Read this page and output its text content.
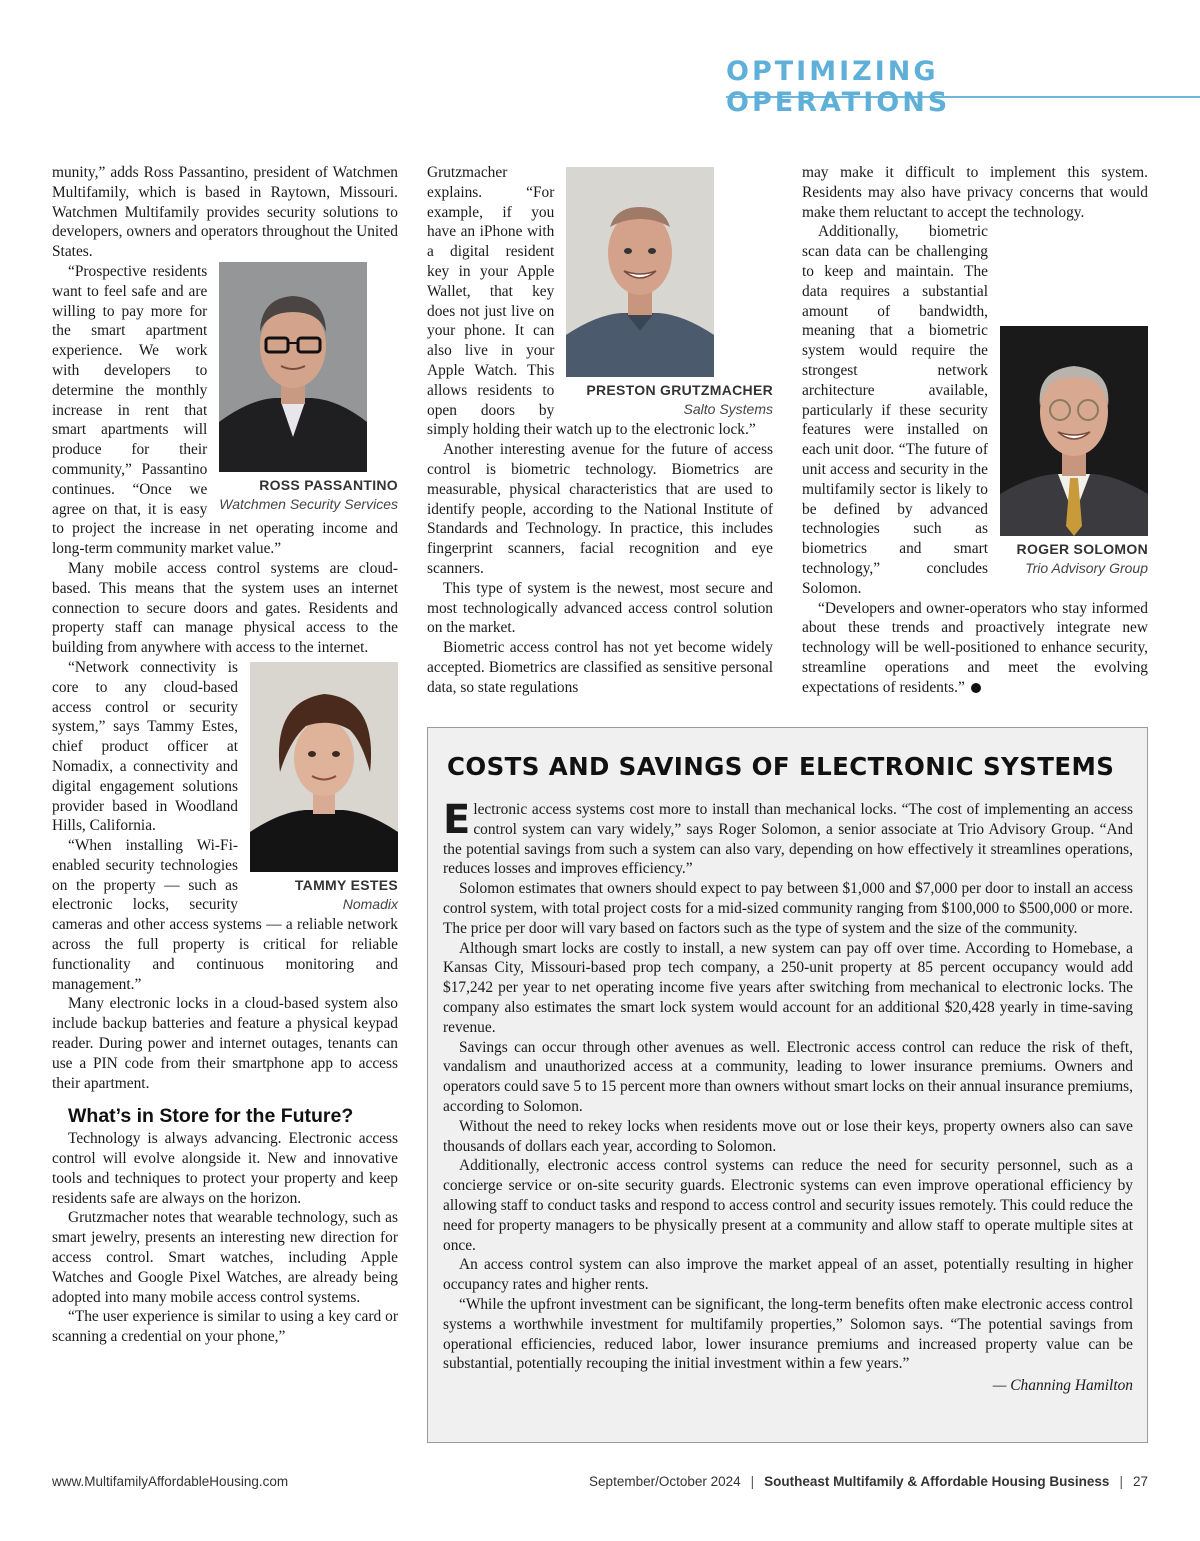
OPTIMIZING OPERATIONS

munity,” adds Ross Passantino, president of Watchmen Multifamily, which is based in Raytown, Missouri. Watchmen Multifamily provides security solutions to developers, owners and operators throughout the United States.

ROSS PASSANTINO
Watchmen Security Services

“Prospective residents want to feel safe and are willing to pay more for the smart apartment experience. We work with developers to determine the monthly increase in rent that smart apartments will produce for their community,” Passantino continues. “Once we agree on that, it is easy to project the increase in net operating income and long-term community market value.”

Many mobile access control systems are cloud-based. This means that the system uses an internet connection to secure doors and gates. Residents and property staff can manage physical access to the building from anywhere with access to the internet.

TAMMY ESTES
Nomadix

“Network connectivity is core to any cloud-based access control or security system,” says Tammy Estes, chief product officer at Nomadix, a connectivity and digital engagement solutions provider based in Woodland Hills, California.

“When installing Wi-Fi-enabled security technologies on the property — such as electronic locks, security cameras and other access systems — a reliable network across the full property is critical for reliable functionality and continuous monitoring and management.”

Many electronic locks in a cloud-based system also include backup batteries and feature a physical keypad reader. During power and internet outages, tenants can use a PIN code from their smartphone app to access their apartment.

What’s in Store for the Future?

Technology is always advancing. Electronic access control will evolve alongside it. New and innovative tools and techniques to protect your property and keep residents safe are always on the horizon.

Grutzmacher notes that wearable technology, such as smart jewelry, presents an interesting new direction for access control. Smart watches, including Apple Watches and Google Pixel Watches, are already being adopted into many mobile access control systems.

“The user experience is similar to using a key card or scanning a credential on your phone,”

PRESTON GRUTZMACHER
Salto Systems

Grutzmacher explains. “For example, if you have an iPhone with a digital resident key in your Apple Wallet, that key does not just live on your phone. It can also live in your Apple Watch. This allows residents to open doors by simply holding their watch up to the electronic lock.”

Another interesting avenue for the future of access control is biometric technology. Biometrics are measurable, physical characteristics that are used to identify people, according to the National Institute of Standards and Technology. In practice, this includes fingerprint scanners, facial recognition and eye scanners.

This type of system is the newest, most secure and most technologically advanced access control solution on the market.

Biometric access control has not yet become widely accepted. Biometrics are classified as sensitive personal data, so state regulations

may make it difficult to implement this system. Residents may also have privacy concerns that would make them reluctant to accept the technology.

ROGER SOLOMON
Trio Advisory Group

Additionally, biometric scan data can be challenging to keep and maintain. The data requires a substantial amount of bandwidth, meaning that a biometric system would require the strongest network architecture available, particularly if these security features were installed on each unit door. “The future of unit access and security in the multifamily sector is likely to be defined by advanced technologies such as biometrics and smart technology,” concludes Solomon.

“Developers and owner-operators who stay informed about these trends and proactively integrate new technology will be well-positioned to enhance security, streamline operations and meet the evolving expectations of residents.”

COSTS AND SAVINGS OF ELECTRONIC SYSTEMS

Electronic access systems cost more to install than mechanical locks. “The cost of implementing an access control system can vary widely,” says Roger Solomon, a senior associate at Trio Advisory Group. “And the potential savings from such a system can also vary, depending on how effectively it streamlines operations, reduces losses and improves efficiency.”

Solomon estimates that owners should expect to pay between $1,000 and $7,000 per door to install an access control system, with total project costs for a mid-sized community ranging from $100,000 to $500,000 or more. The price per door will vary based on factors such as the type of system and the size of the community.

Although smart locks are costly to install, a new system can pay off over time. According to Homebase, a Kansas City, Missouri-based prop tech company, a 250-unit property at 85 percent occupancy would add $17,242 per year to net operating income five years after switching from mechanical to electronic locks. The company also estimates the smart lock system would account for an additional $20,428 yearly in time-saving revenue.

Savings can occur through other avenues as well. Electronic access control can reduce the risk of theft, vandalism and unauthorized access at a community, leading to lower insurance premiums. Owners and operators could save 5 to 15 percent more than owners without smart locks on their annual insurance premiums, according to Solomon.

Without the need to rekey locks when residents move out or lose their keys, property owners also can save thousands of dollars each year, according to Solomon.

Additionally, electronic access control systems can reduce the need for security personnel, such as a concierge service or on-site security guards. Electronic systems can even improve operational efficiency by allowing staff to conduct tasks and respond to access control and security issues remotely. This could reduce the need for property managers to be physically present at a community and allow staff to operate multiple sites at once.

An access control system can also improve the market appeal of an asset, potentially resulting in higher occupancy rates and higher rents.

“While the upfront investment can be significant, the long-term benefits often make electronic access control systems a worthwhile investment for multifamily properties,” Solomon says. “The potential savings from operational efficiencies, reduced labor, lower insurance premiums and increased property value can be substantial, potentially recouping the initial investment within a few years.”

— Channing Hamilton
www.MultifamilyAffordableHousing.com	September/October 2024 | Southeast Multifamily & Affordable Housing Business | 27
